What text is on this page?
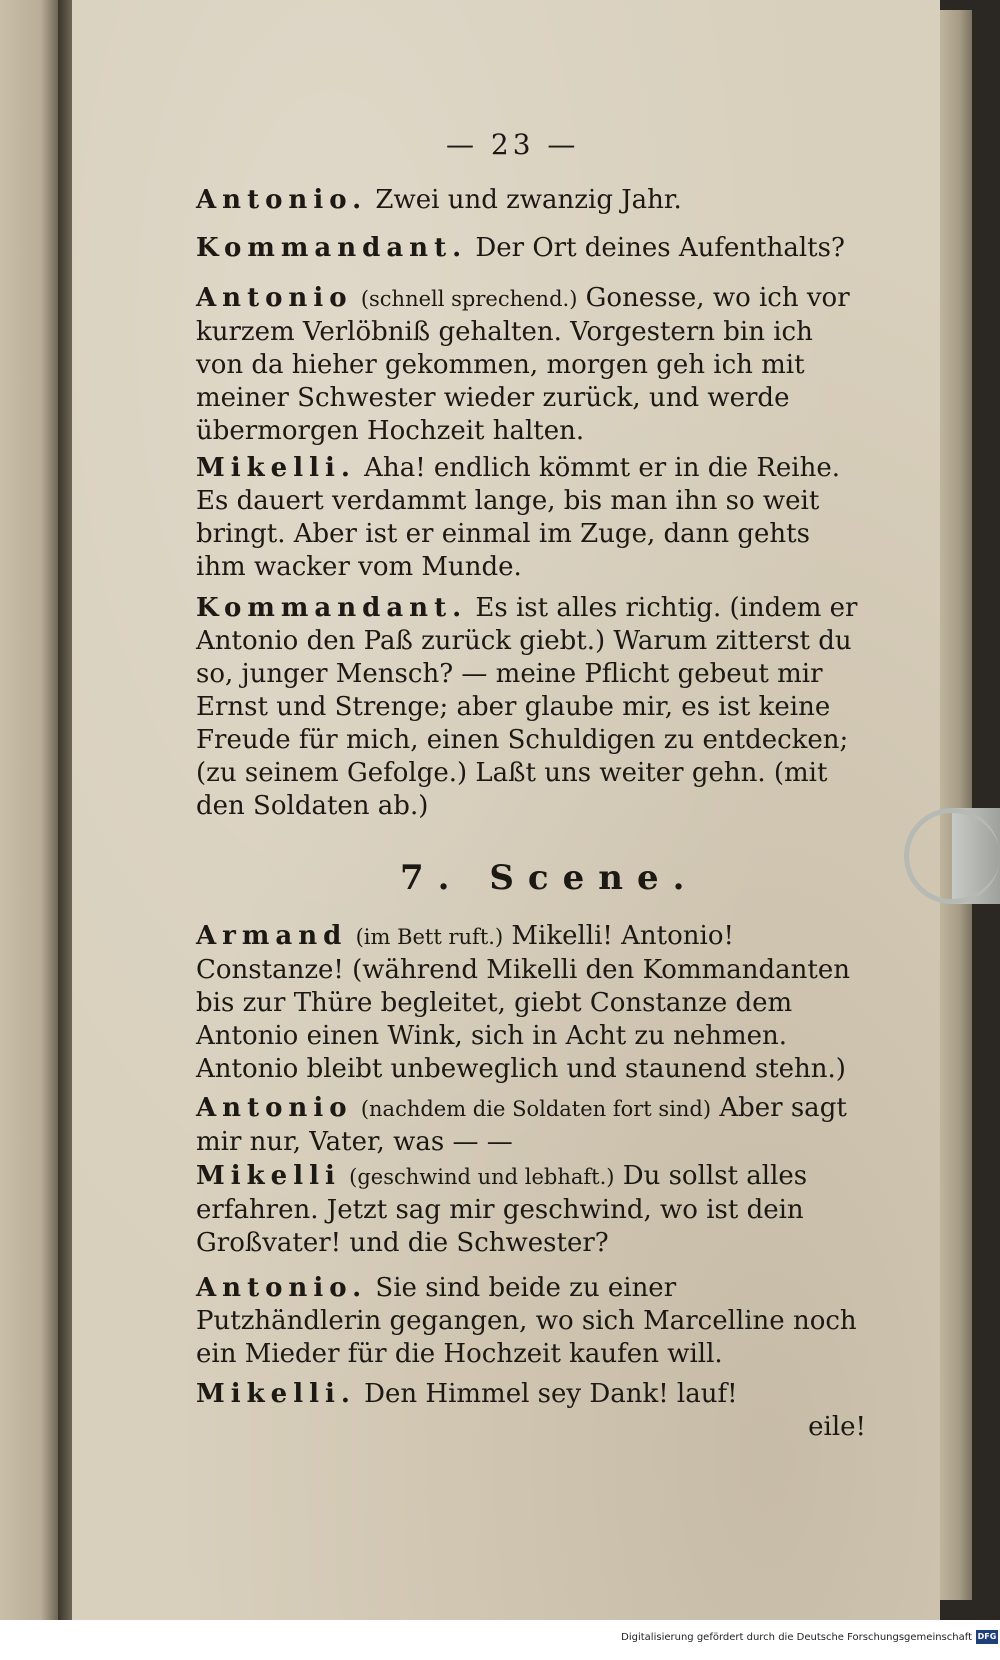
— 23 —
Antonio. Zwei und zwanzig Jahr.
Kommandant. Der Ort deines Aufenthalts?
Antonio (schnell sprechend.) Gonesse, wo ich vor kurzem Verlöbniß gehalten. Vorgestern bin ich von da hieher gekommen, morgen geh ich mit meiner Schwester wieder zurück, und werde übermorgen Hochzeit halten.
Mikelli. Aha! endlich kömmt er in die Reihe. Es dauert verdammt lange, bis man ihn so weit bringt. Aber ist er einmal im Zuge, dann gehts ihm wacker vom Munde.
Kommandant. Es ist alles richtig. (indem er Antonio den Paß zurück giebt.) Warum zitterst du so, junger Mensch? — meine Pflicht gebeut mir Ernst und Strenge; aber glaube mir, es ist keine Freude für mich, einen Schuldigen zu entdecken; (zu seinem Gefolge.) Laßt uns weiter gehn. (mit den Soldaten ab.)
7. Scene.
Armand (im Bett ruft.) Mikelli! Antonio! Constanze! (während Mikelli den Kommandanten bis zur Thüre begleitet, giebt Constanze dem Antonio einen Wink, sich in Acht zu nehmen. Antonio bleibt unbeweglich und staunend stehn.)
Antonio (nachdem die Soldaten fort sind) Aber sagt mir nur, Vater, was — —
Mikelli (geschwind und lebhaft.) Du sollst alles erfahren. Jetzt sag mir geschwind, wo ist dein Großvater! und die Schwester?
Antonio. Sie sind beide zu einer Putzhändlerin gegangen, wo sich Marcelline noch ein Mieder für die Hochzeit kaufen will.
Mikelli. Den Himmel sey Dank! lauf!
eile!
Digitalisierung gefördert durch die Deutsche Forschungsgemeinschaft DFG
